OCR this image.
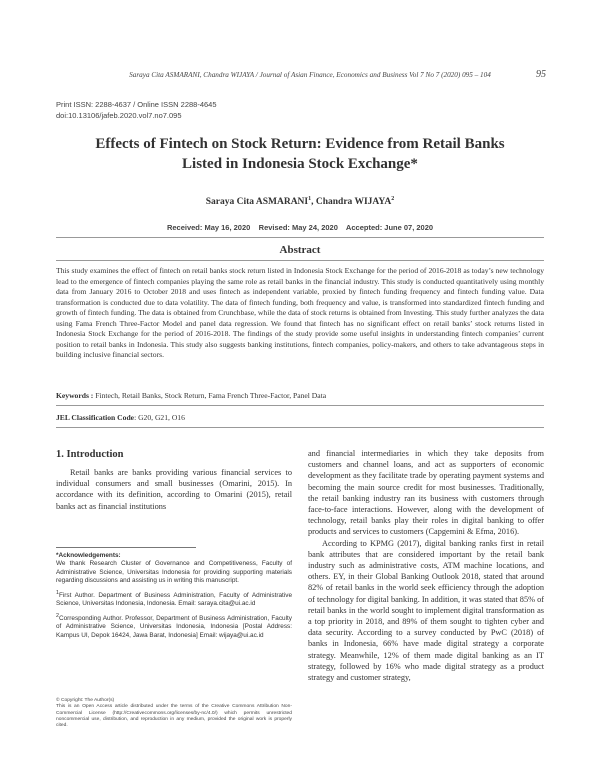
Saraya Cita ASMARANI, Chandra WIJAYA / Journal of Asian Finance, Economics and Business Vol 7 No 7 (2020) 095 – 104	95
Print ISSN: 2288-4637 / Online ISSN 2288-4645
doi:10.13106/jafeb.2020.vol7.no7.095
Effects of Fintech on Stock Return: Evidence from Retail Banks
Listed in Indonesia Stock Exchange*
Saraya Cita ASMARANI$^1$, Chandra WIJAYA$^2$
Received: May 16, 2020    Revised: May 24, 2020    Accepted: June 07, 2020
Abstract
This study examines the effect of fintech on retail banks stock return listed in Indonesia Stock Exchange for the period of 2016-2018 as today’s new technology lead to the emergence of fintech companies playing the same role as retail banks in the financial industry. This study is conducted quantitatively using monthly data from January 2016 to October 2018 and uses fintech as independent variable, proxied by fintech funding frequency and fintech funding value. Data transformation is conducted due to data volatility. The data of fintech funding, both frequency and value, is transformed into standardized fintech funding and growth of fintech funding. The data is obtained from Crunchbase, while the data of stock returns is obtained from Investing. This study further analyzes the data using Fama French Three-Factor Model and panel data regression. We found that fintech has no significant effect on retail banks’ stock returns listed in Indonesia Stock Exchange for the period of 2016-2018. The findings of the study provide some useful insights in understanding fintech companies’ current position to retail banks in Indonesia. This study also suggests banking institutions, fintech companies, policy-makers, and others to take advantageous steps in building inclusive financial sectors.
Keywords : Fintech, Retail Banks, Stock Return, Fama French Three-Factor, Panel Data
JEL Classification Code: G20, G21, O16
1. Introduction

Retail banks are banks providing various financial services to individual consumers and small businesses (Omarini, 2015). In accordance with its definition, according to Omarini (2015), retail banks act as financial institutions

*Acknowledgements:
We thank Research Cluster of Governance and Competitiveness, Faculty of Administrative Science, Universitas Indonesia for providing supporting materials regarding discussions and assisting us in writing this manuscript.
$^1$First Author. Department of Business Administration, Faculty of Administrative Science, Universitas Indonesia, Indonesia. Email: saraya.cita@ui.ac.id
$^2$Corresponding Author. Professor, Department of Business Administration, Faculty of Administrative Science, Universitas Indonesia, Indonesia [Postal Address: Kampus UI, Depok 16424, Jawa Barat, Indonesia] Email: wijaya@ui.ac.id
© Copyright: The Author(s)
This is an Open Access article distributed under the terms of the Creative Commons Attribution Non-Commercial License (http://Creativecommons.org/licenses/by-nc/4.0/) which permits unrestricted noncommercial use, distribution, and reproduction in any medium, provided the original work is properly cited.

and financial intermediaries in which they take deposits from customers and channel loans, and act as supporters of economic development as they facilitate trade by operating payment systems and becoming the main source credit for most businesses. Traditionally, the retail banking industry ran its business with customers through face-to-face interactions. However, along with the development of technology, retail banks play their roles in digital banking to offer products and services to customers (Capgemini & Efma, 2016).

According to KPMG (2017), digital banking ranks first in retail bank attributes that are considered important by the retail bank industry such as administrative costs, ATM machine locations, and others. EY, in their Global Banking Outlook 2018, stated that around 82% of retail banks in the world seek efficiency through the adoption of technology for digital banking. In addition, it was stated that 85% of retail banks in the world sought to implement digital transformation as a top priority in 2018, and 89% of them sought to tighten cyber and data security. According to a survey conducted by PwC (2018) of banks in Indonesia, 66% have made digital strategy a corporate strategy. Meanwhile, 12% of them made digital banking as an IT strategy, followed by 16% who made digital strategy as a product strategy and customer strategy,
